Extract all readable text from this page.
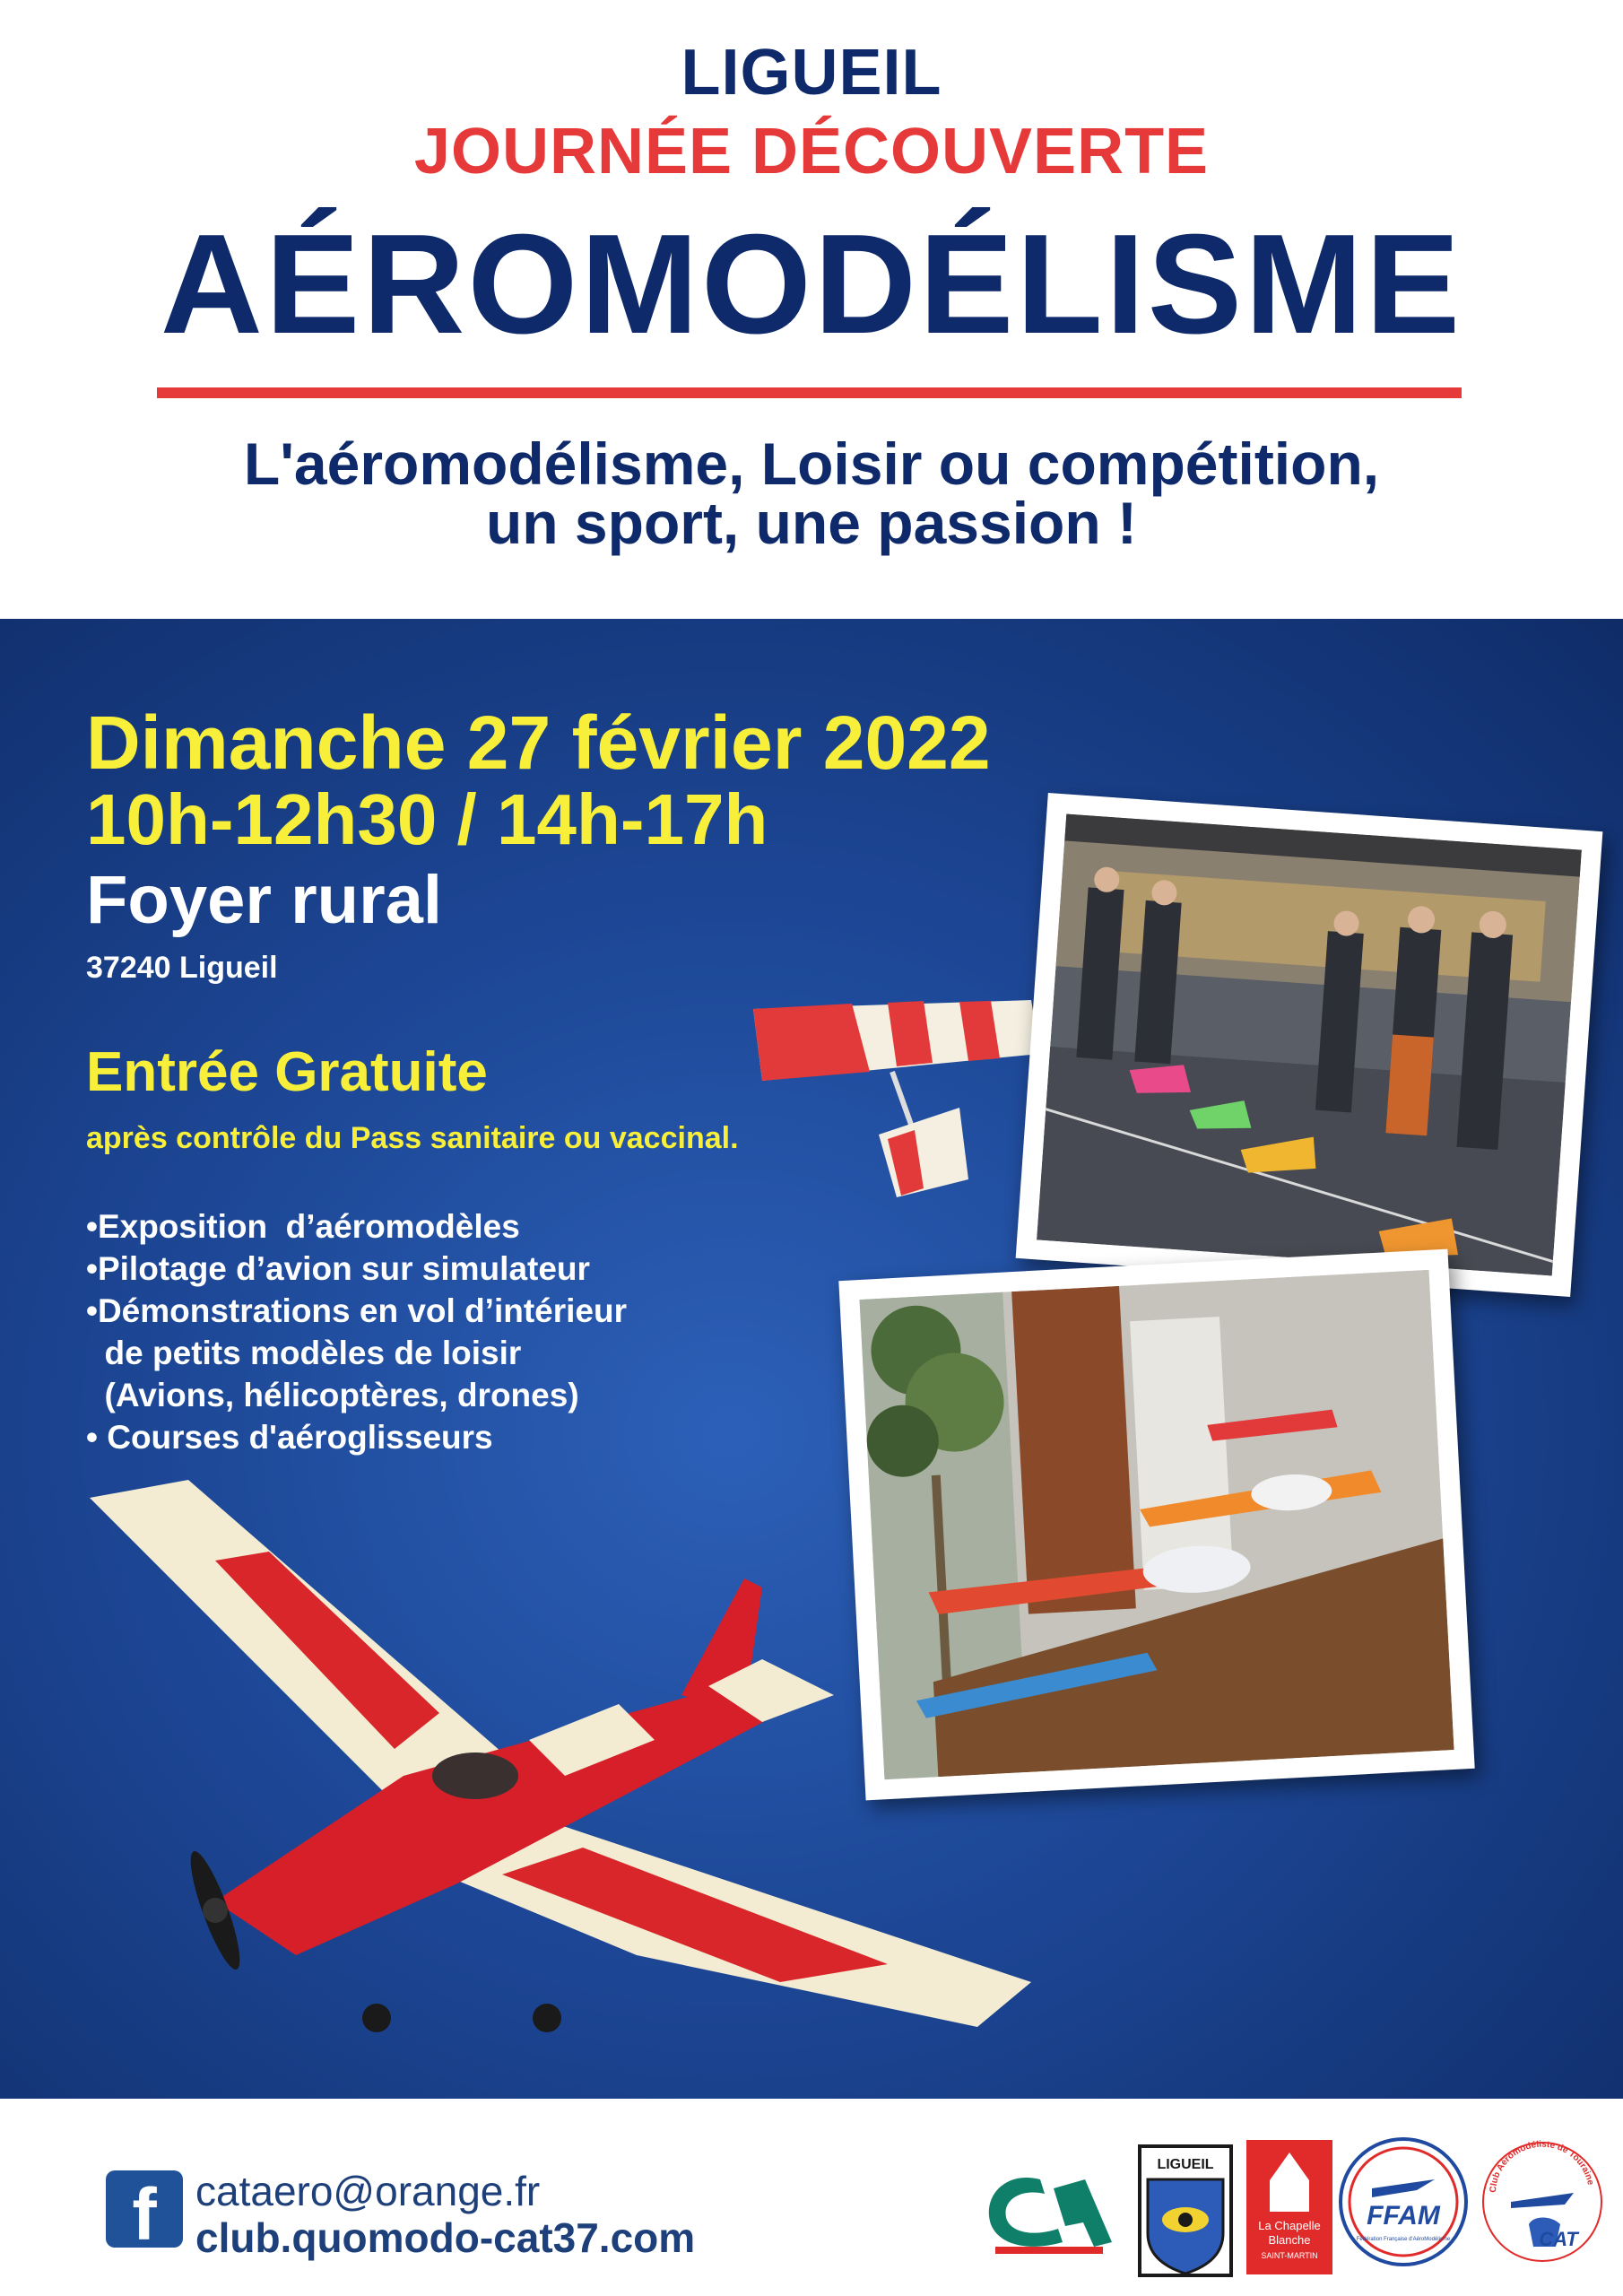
LIGUEIL
JOURNÉE DÉCOUVERTE
AÉROMODÉLISME
L'aéromodélisme, Loisir ou compétition,
un sport, une passion !
Dimanche 27 février 2022
10h-12h30 / 14h-17h
Foyer rural
37240 Ligueil
Entrée Gratuite
après contrôle du Pass sanitaire ou vaccinal.
•Exposition  d’aéromodèles
•Pilotage d’avion sur simulateur
•Démonstrations en vol d’intérieur
de petits modèles de loisir
(Avions, hélicoptères, drones)
• Courses d'aéroglisseurs
f cataero@orange.fr
club.quomodo-cat37.com
LIGUEIL
La Chapelle
Blanche
SAINT-MARTIN
FFAM
Fédération Française d'AéroModélisme
Club Aéromodéliste de Touraine
CAT
